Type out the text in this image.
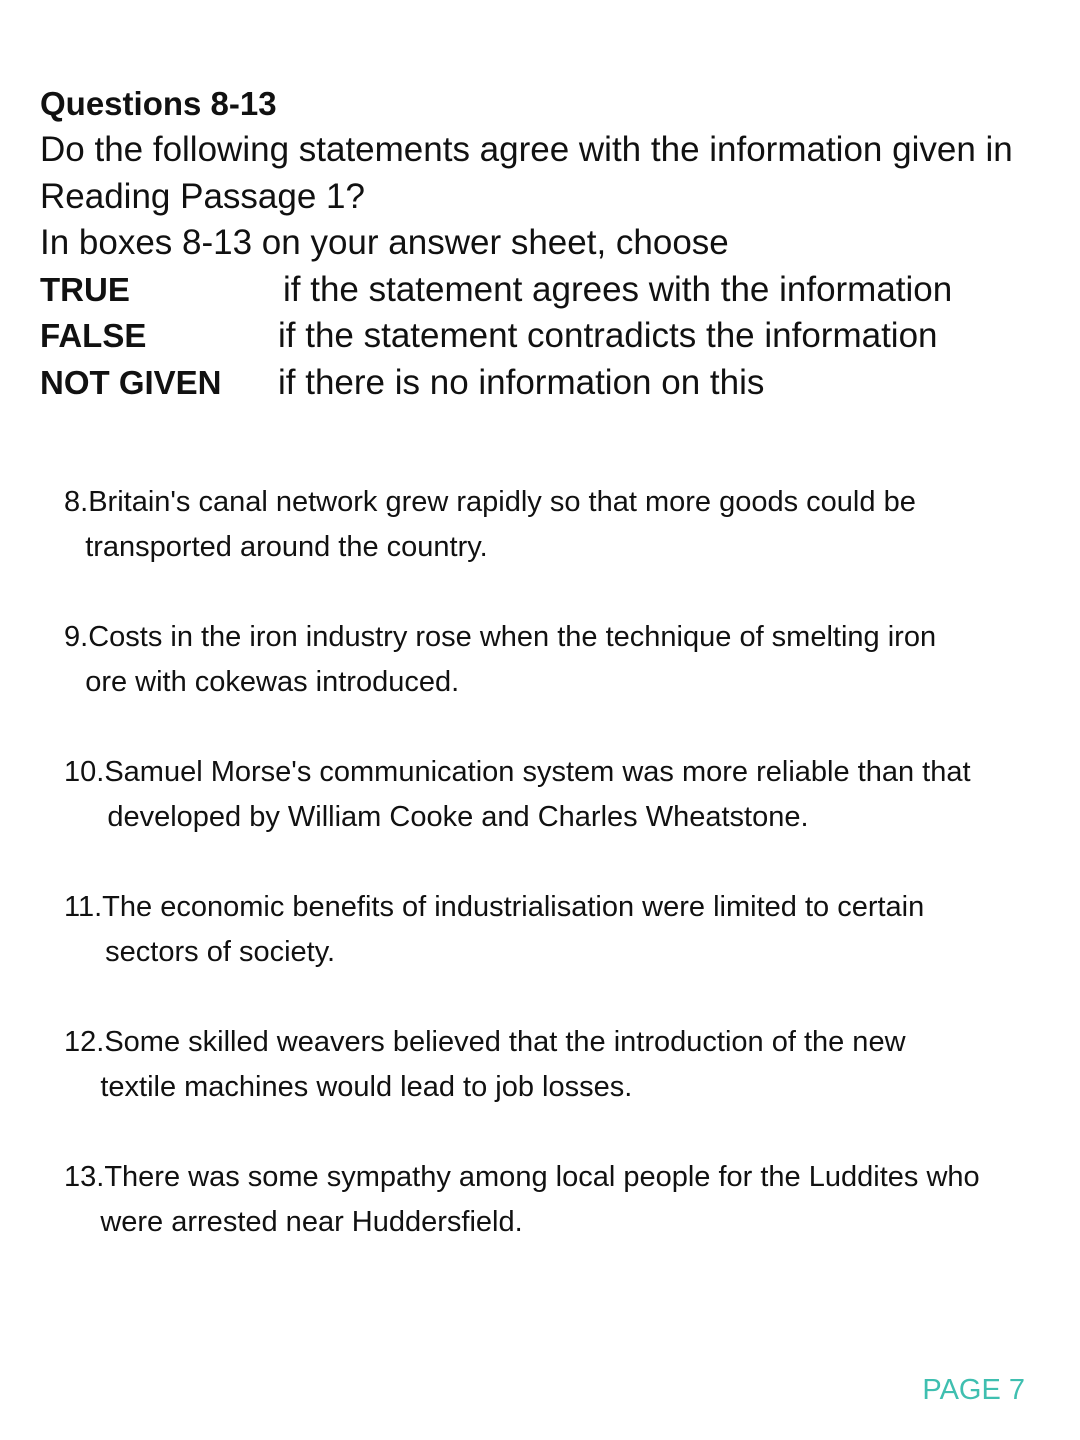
Questions 8-13
Do the following statements agree with the information given in
Reading Passage 1?
In boxes 8-13 on your answer sheet, choose
TRUE	if the statement agrees with the information
FALSE	if the statement contradicts the information
NOT GIVEN	if there is no information on this
8. Britain's canal network grew rapidly so that more goods could be
transported around the country.
9. Costs in the iron industry rose when the technique of smelting iron
ore with cokewas introduced.
10. Samuel Morse's communication system was more reliable than that
developed by William Cooke and Charles Wheatstone.
11. The economic benefits of industrialisation were limited to certain
sectors of society.
12. Some skilled weavers believed that the introduction of the new
textile machines would lead to job losses.
13. There was some sympathy among local people for the Luddites who
were arrested near Huddersfield.
PAGE 7
